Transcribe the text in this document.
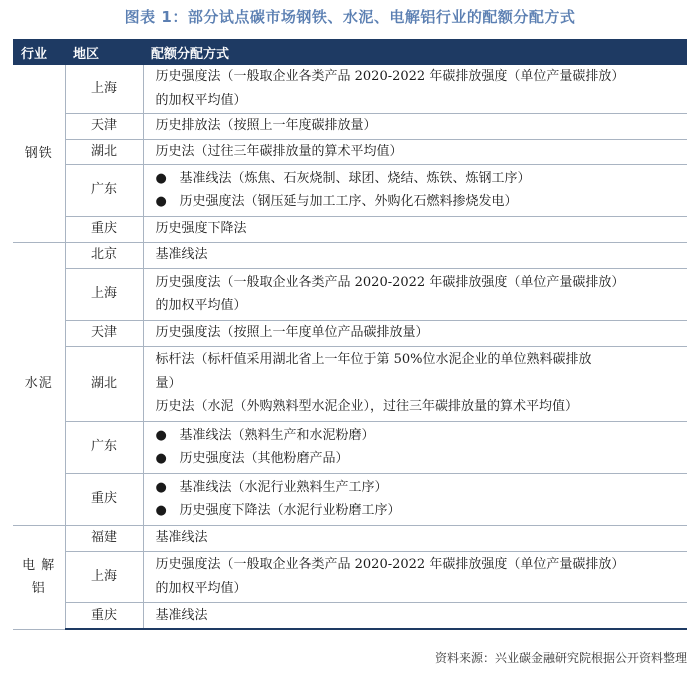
图表 1：部分试点碳市场钢铁、水泥、电解铝行业的配额分配方式
行业	地区	配额分配方式
钢铁	上海	历史强度法（一般取企业各类产品 2020-2022 年碳排放强度（单位产量碳排放）
的加权平均值）

	天津	历史排放法（按照上一年度碳排放量）

	湖北	历史法（过往三年碳排放量的算术平均值）

	广东	● 基准线法（炼焦、石灰烧制、球团、烧结、炼铁、炼钢工序）
● 历史强度法（钢压延与加工工序、外购化石燃料掺烧发电）

	重庆	历史强度下降法

水泥	北京	基准线法

	上海	历史强度法（一般取企业各类产品 2020-2022 年碳排放强度（单位产量碳排放）
的加权平均值）

	天津	历史强度法（按照上一年度单位产品碳排放量）

	湖北	标杆法（标杆值采用湖北省上一年位于第 50%位水泥企业的单位熟料碳排放
量）
历史法（水泥（外购熟料型水泥企业），过往三年碳排放量的算术平均值）

	广东	● 基准线法（熟料生产和水泥粉磨）
● 历史强度法（其他粉磨产品）

	重庆	● 基准线法（水泥行业熟料生产工序）
● 历史强度下降法（水泥行业粉磨工序）

电 解
铝	福建	基准线法

	上海	历史强度法（一般取企业各类产品 2020-2022 年碳排放强度（单位产量碳排放）
的加权平均值）

	重庆	基准线法
资料来源：兴业碳金融研究院根据公开资料整理
